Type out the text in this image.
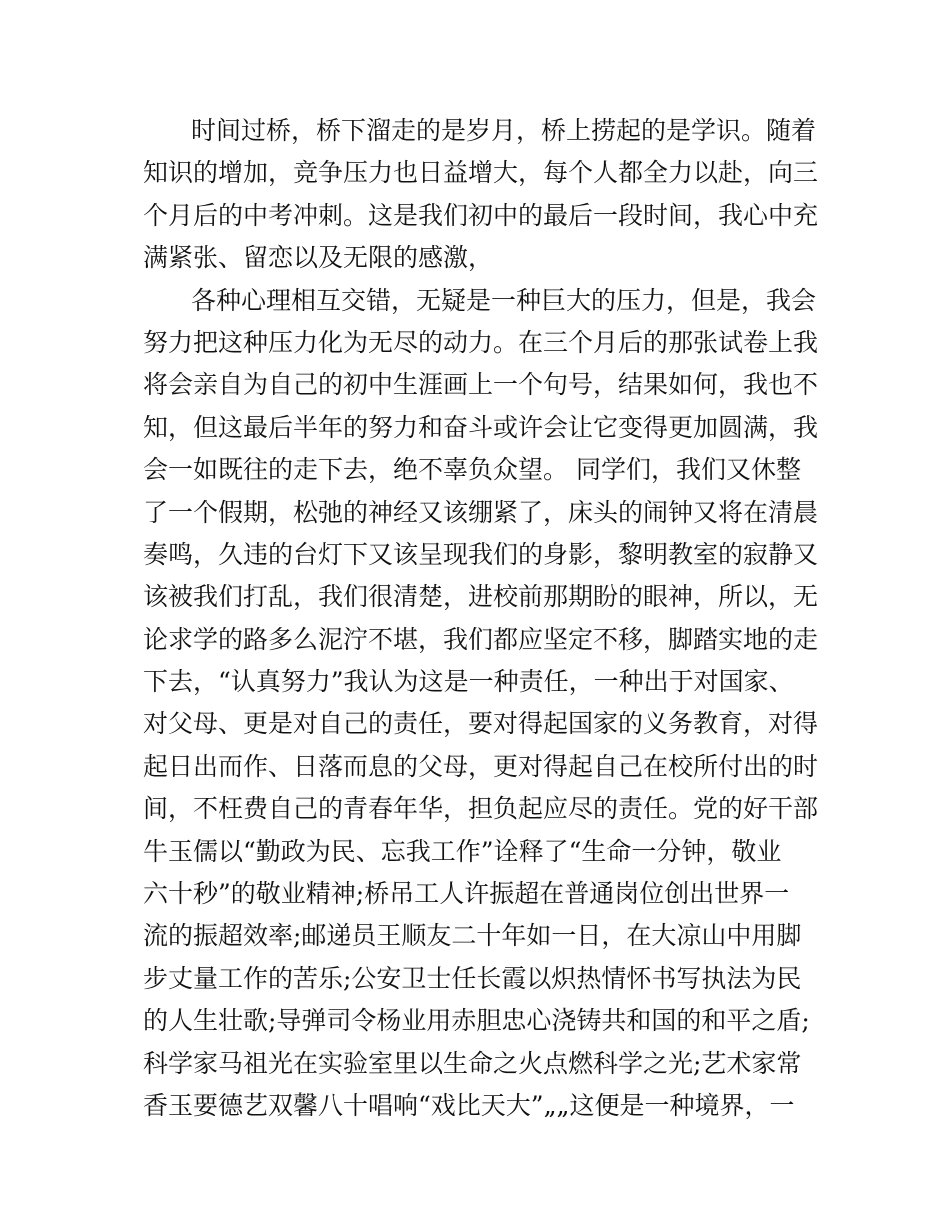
时间过桥，桥下溜走的是岁月，桥上捞起的是学识。随着
知识的增加，竞争压力也日益增大，每个人都全力以赴，向三
个月后的中考冲刺。这是我们初中的最后一段时间，我心中充
满紧张、留恋以及无限的感激，
各种心理相互交错，无疑是一种巨大的压力，但是，我会
努力把这种压力化为无尽的动力。在三个月后的那张试卷上我
将会亲自为自己的初中生涯画上一个句号，结果如何，我也不
知，但这最后半年的努力和奋斗或许会让它变得更加圆满，我
会一如既往的走下去，绝不辜负众望。 同学们，我们又休整
了一个假期，松弛的神经又该绷紧了，床头的闹钟又将在清晨
奏鸣，久违的台灯下又该呈现我们的身影，黎明教室的寂静又
该被我们打乱，我们很清楚，进校前那期盼的眼神，所以，无
论求学的路多么泥泞不堪，我们都应坚定不移，脚踏实地的走
下去，“认真努力”我认为这是一种责任，一种出于对国家、
对父母、更是对自己的责任，要对得起国家的义务教育，对得
起日出而作、日落而息的父母，更对得起自己在校所付出的时
间，不枉费自己的青春年华，担负起应尽的责任。党的好干部
牛玉儒以“勤政为民、忘我工作”诠释了“生命一分钟，敬业
六十秒”的敬业精神;桥吊工人许振超在普通岗位创出世界一
流的振超效率;邮递员王顺友二十年如一日，在大凉山中用脚
步丈量工作的苦乐;公安卫士任长霞以炽热情怀书写执法为民
的人生壮歌;导弹司令杨业用赤胆忠心浇铸共和国的和平之盾;
科学家马祖光在实验室里以生命之火点燃科学之光;艺术家常
香玉要德艺双馨八十唱响“戏比天大”„„这便是一种境界，一
